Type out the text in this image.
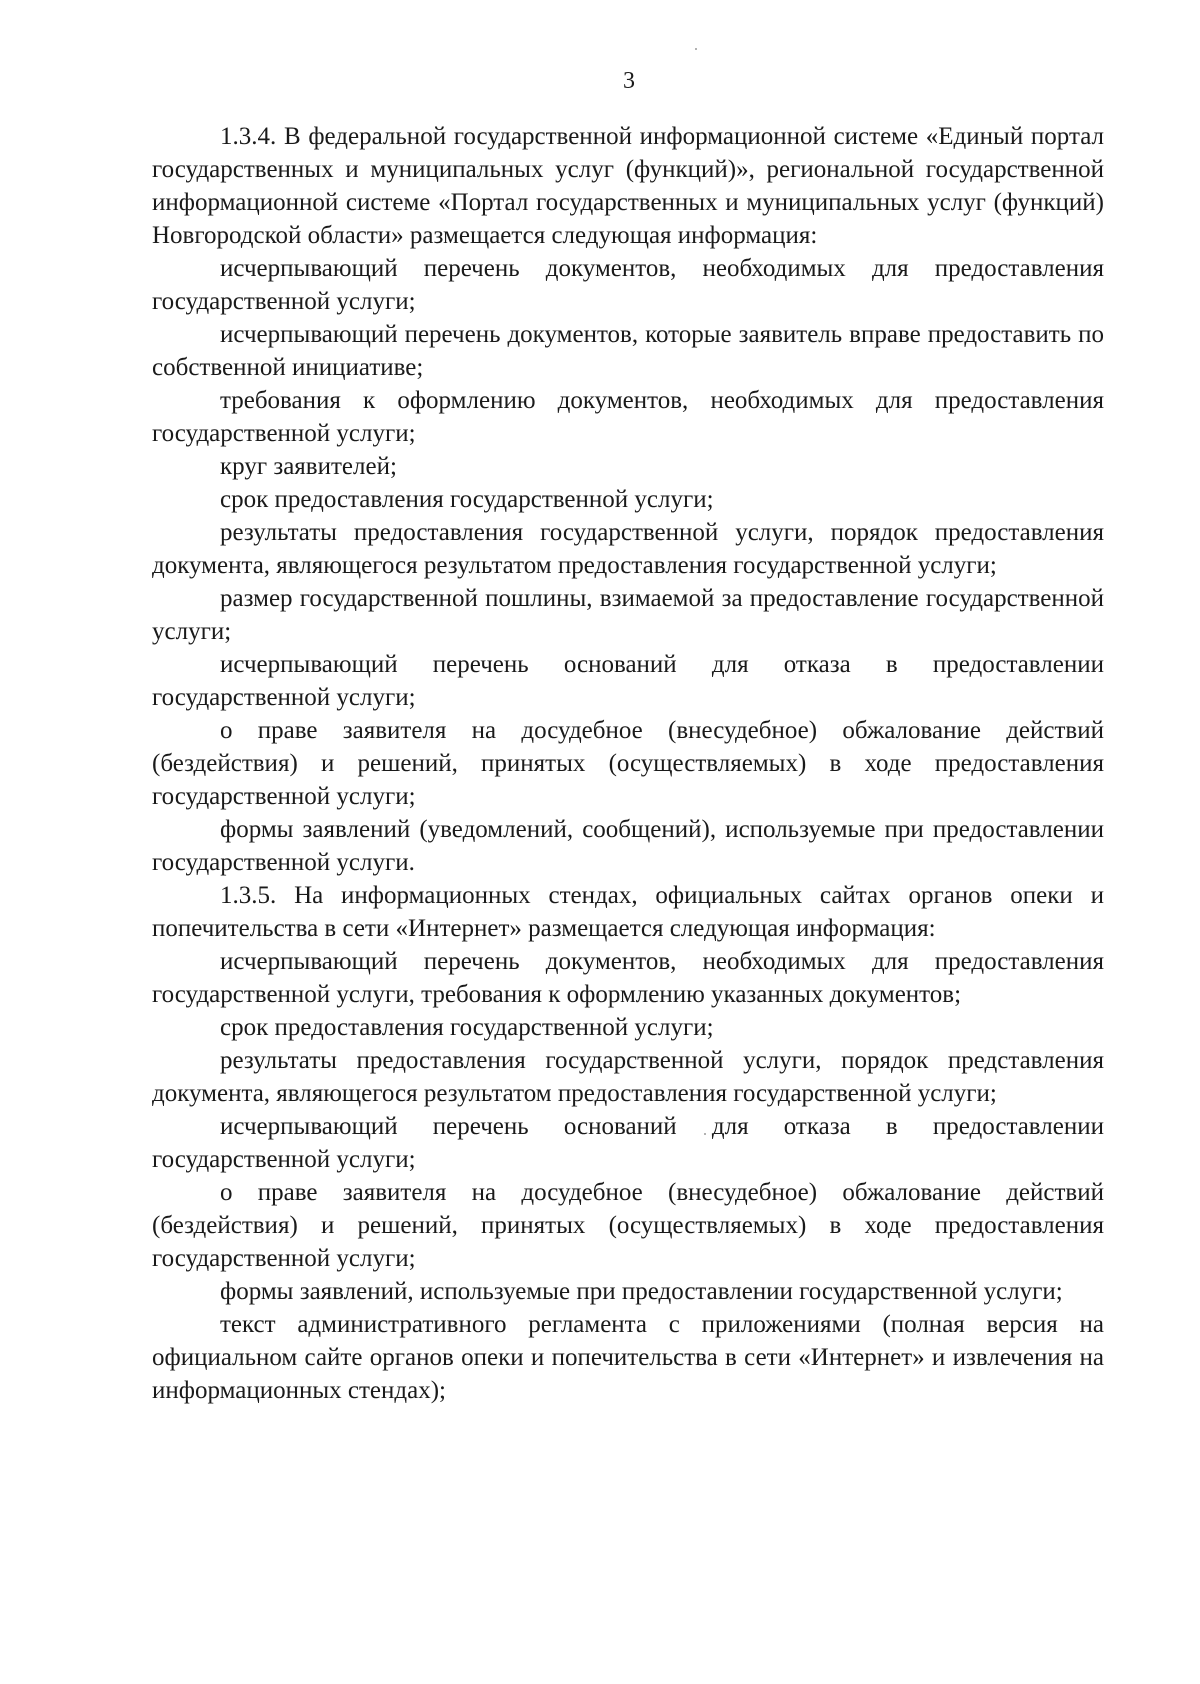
3

1.3.4. В федеральной государственной информационной системе «Единый портал государственных и муниципальных услуг (функций)», региональной государственной информационной системе «Портал государственных и муниципальных услуг (функций) Новгородской области» размещается следующая информация:

исчерпывающий перечень документов, необходимых для предоставления государственной услуги;

исчерпывающий перечень документов, которые заявитель вправе предоставить по собственной инициативе;

требования к оформлению документов, необходимых для предоставления государственной услуги;

круг заявителей;

срок предоставления государственной услуги;

результаты предоставления государственной услуги, порядок предоставления документа, являющегося результатом предоставления государственной услуги;

размер государственной пошлины, взимаемой за предоставление государственной услуги;

исчерпывающий перечень оснований для отказа в предоставлении государственной услуги;

о праве заявителя на досудебное (внесудебное) обжалование действий (бездействия) и решений, принятых (осуществляемых) в ходе предоставления государственной услуги;

формы заявлений (уведомлений, сообщений), используемые при предоставлении государственной услуги.

1.3.5. На информационных стендах, официальных сайтах органов опеки и попечительства в сети «Интернет» размещается следующая информация:

исчерпывающий перечень документов, необходимых для предоставления государственной услуги, требования к оформлению указанных документов;

срок предоставления государственной услуги;

результаты предоставления государственной услуги, порядок представления документа, являющегося результатом предоставления государственной услуги;

исчерпывающий перечень оснований для отказа в предоставлении государственной услуги;

о праве заявителя на досудебное (внесудебное) обжалование действий (бездействия) и решений, принятых (осуществляемых) в ходе предоставления государственной услуги;

формы заявлений, используемые при предоставлении государственной услуги;

текст административного регламента с приложениями (полная версия на официальном сайте органов опеки и попечительства в сети «Интернет» и извлечения на информационных стендах);
